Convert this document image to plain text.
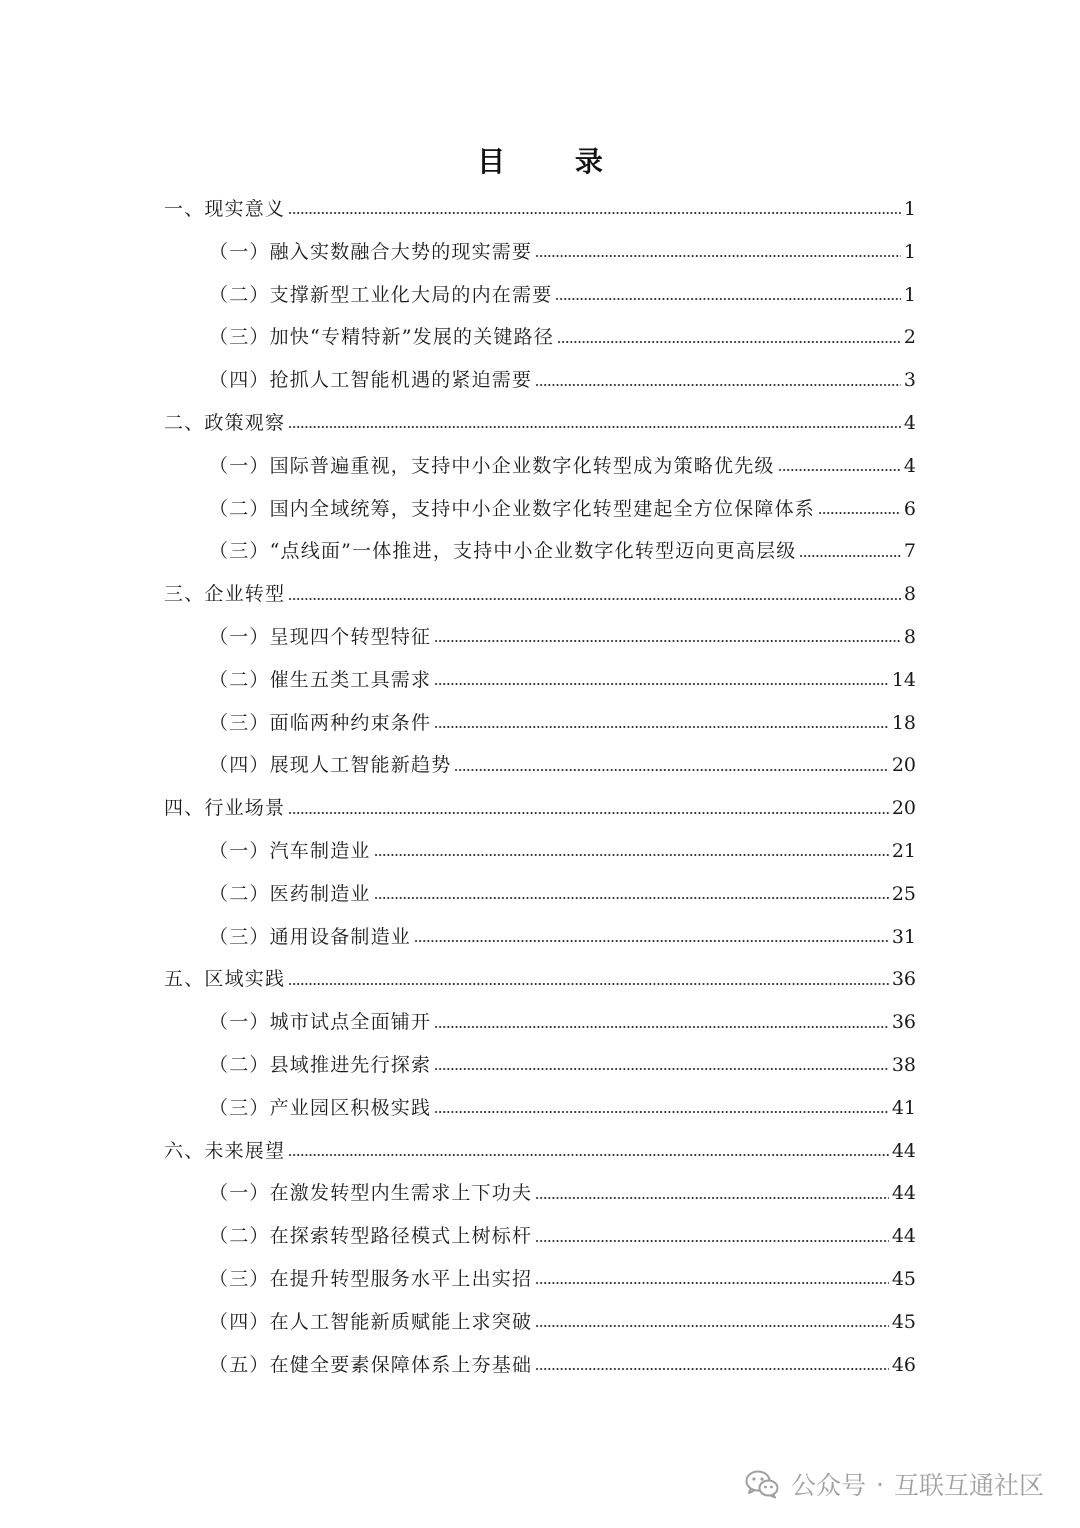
目 录
一、现实意义	1
（一）融入实数融合大势的现实需要	1
（二）支撑新型工业化大局的内在需要	1
（三）加快“专精特新”发展的关键路径	2
（四）抢抓人工智能机遇的紧迫需要	3
二、政策观察	4
（一）国际普遍重视，支持中小企业数字化转型成为策略优先级	4
（二）国内全域统筹，支持中小企业数字化转型建起全方位保障体系	6
（三）“点线面”一体推进，支持中小企业数字化转型迈向更高层级	7
三、企业转型	8
（一）呈现四个转型特征	8
（二）催生五类工具需求	14
（三）面临两种约束条件	18
（四）展现人工智能新趋势	20
四、行业场景	20
（一）汽车制造业	21
（二）医药制造业	25
（三）通用设备制造业	31
五、区域实践	36
（一）城市试点全面铺开	36
（二）县域推进先行探索	38
（三）产业园区积极实践	41
六、未来展望	44
（一）在激发转型内生需求上下功夫	44
（二）在探索转型路径模式上树标杆	44
（三）在提升转型服务水平上出实招	45
（四）在人工智能新质赋能上求突破	45
（五）在健全要素保障体系上夯基础	46
公众号 · 互联互通社区
